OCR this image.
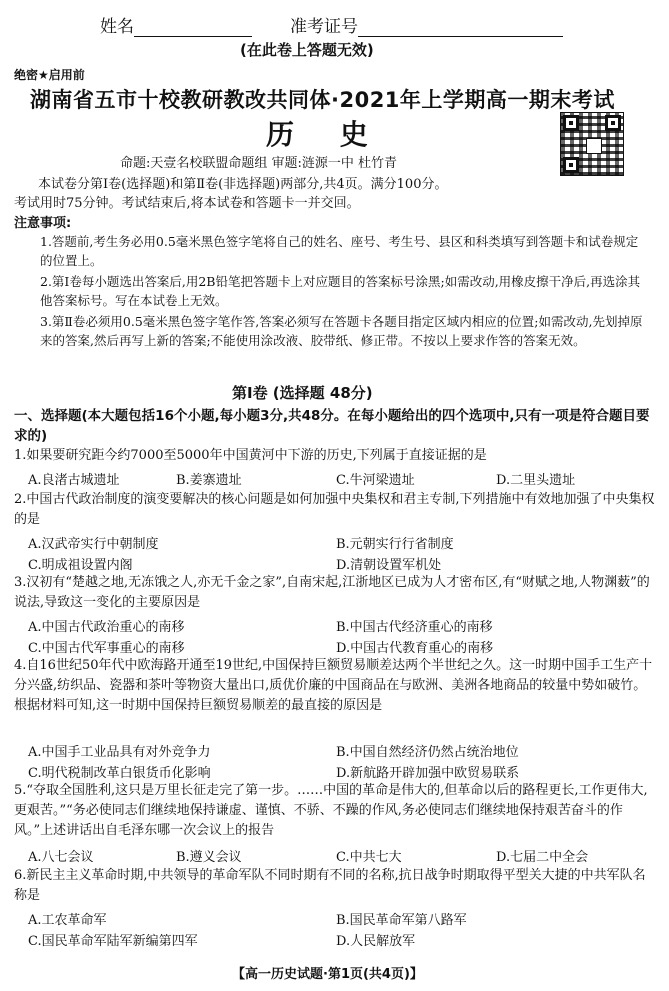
姓名	准考证号
(在此卷上答题无效)
绝密★启用前
湖南省五市十校教研教改共同体·2021年上学期高一期末考试
历 史
命题:天壹名校联盟命题组 审题:涟源一中 杜竹青
本试卷分第Ⅰ卷(选择题)和第Ⅱ卷(非选择题)两部分,共4页。满分100分。
考试用时75分钟。考试结束后,将本试卷和答题卡一并交回。
注意事项:
1.答题前,考生务必用0.5毫米黑色签字笔将自己的姓名、座号、考生号、县区和科类填写到答题卡和试卷规定的位置上。
2.第Ⅰ卷每小题选出答案后,用2B铅笔把答题卡上对应题目的答案标号涂黑;如需改动,用橡皮擦干净后,再选涂其他答案标号。写在本试卷上无效。
3.第Ⅱ卷必须用0.5毫米黑色签字笔作答,答案必须写在答题卡各题目指定区域内相应的位置;如需改动,先划掉原来的答案,然后再写上新的答案;不能使用涂改液、胶带纸、修正带。不按以上要求作答的答案无效。
第Ⅰ卷 (选择题 48分)
一、选择题(本大题包括16个小题,每小题3分,共48分。在每小题给出的四个选项中,只有一项是符合题目要求的)
1.如果要研究距今约7000至5000年中国黄河中下游的历史,下列属于直接证据的是
A.良渚古城遗址	B.姜寨遗址	C.牛河梁遗址	D.二里头遗址
2.中国古代政治制度的演变要解决的核心问题是如何加强中央集权和君主专制,下列措施中有效地加强了中央集权的是
A.汉武帝实行中朝制度	B.元朝实行行省制度
C.明成祖设置内阁	D.清朝设置军机处
3.汉初有“楚越之地,无冻饿之人,亦无千金之家”,自南宋起,江浙地区已成为人才密布区,有“财赋之地,人物渊薮”的说法,导致这一变化的主要原因是
A.中国古代政治重心的南移	B.中国古代经济重心的南移
C.中国古代军事重心的南移	D.中国古代教育重心的南移
4.自16世纪50年代中欧海路开通至19世纪,中国保持巨额贸易顺差达两个半世纪之久。这一时期中国手工生产十分兴盛,纺织品、瓷器和茶叶等物资大量出口,质优价廉的中国商品在与欧洲、美洲各地商品的较量中势如破竹。根据材料可知,这一时期中国保持巨额贸易顺差的最直接的原因是
A.中国手工业品具有对外竞争力	B.中国自然经济仍然占统治地位
C.明代税制改革白银货币化影响	D.新航路开辟加强中欧贸易联系
5.“夺取全国胜利,这只是万里长征走完了第一步。……中国的革命是伟大的,但革命以后的路程更长,工作更伟大,更艰苦。”“务必使同志们继续地保持谦虚、谨慎、不骄、不躁的作风,务必使同志们继续地保持艰苦奋斗的作风。”上述讲话出自毛泽东哪一次会议上的报告
A.八七会议	B.遵义会议	C.中共七大	D.七届二中全会
6.新民主主义革命时期,中共领导的革命军队不同时期有不同的名称,抗日战争时期取得平型关大捷的中共军队名称是
A.工农革命军	B.国民革命军第八路军
C.国民革命军陆军新编第四军	D.人民解放军
【高一历史试题·第1页(共4页)】
